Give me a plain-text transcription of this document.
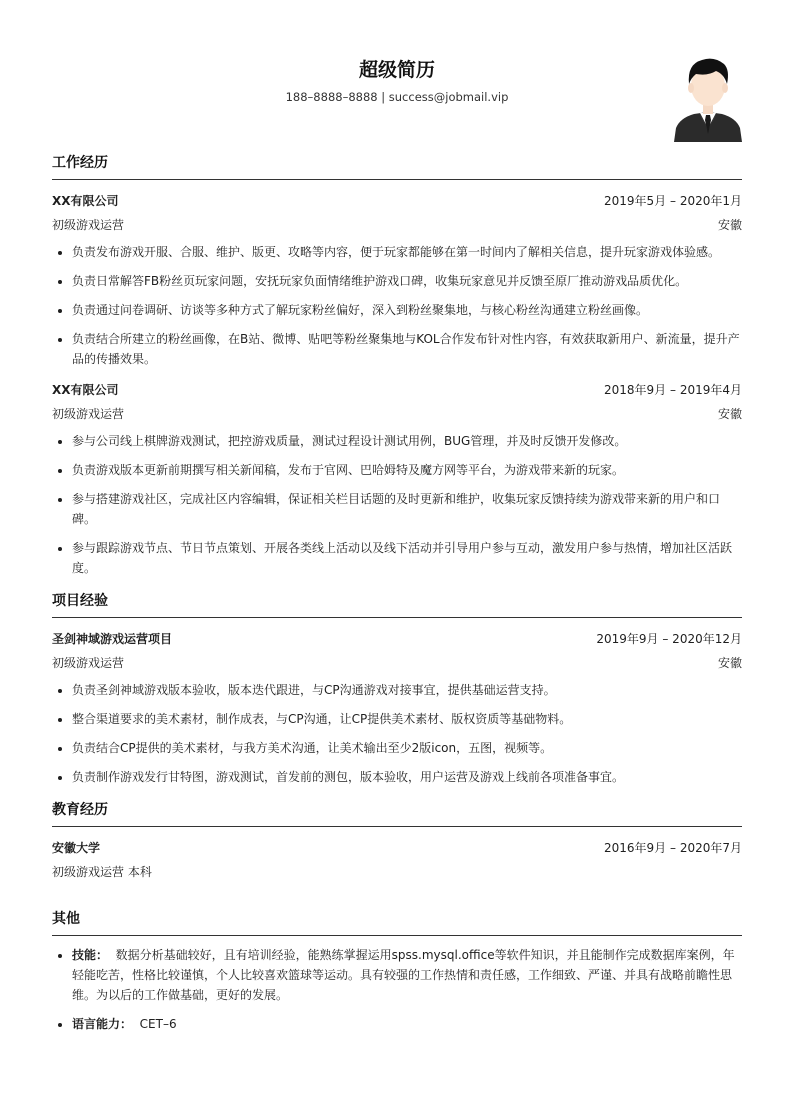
超级简历
188–8888–8888 | success@jobmail.vip
工作经历
XX有限公司	2019年5月 – 2020年1月
初级游戏运营	安徽
• 负责发布游戏开服、合服、维护、版更、攻略等内容，便于玩家都能够在第一时间内了解相关信息，提升玩家游戏体验感。
• 负责日常解答FB粉丝页玩家问题，安抚玩家负面情绪维护游戏口碑，收集玩家意见并反馈至原厂推动游戏品质优化。
• 负责通过问卷调研、访谈等多种方式了解玩家粉丝偏好，深入到粉丝聚集地，与核心粉丝沟通建立粉丝画像。
• 负责结合所建立的粉丝画像，在B站、微博、贴吧等粉丝聚集地与KOL合作发布针对性内容，有效获取新用户、新流量，提升产品的传播效果。
XX有限公司	2018年9月 – 2019年4月
初级游戏运营	安徽
• 参与公司线上棋牌游戏测试，把控游戏质量，测试过程设计测试用例，BUG管理，并及时反馈开发修改。
• 负责游戏版本更新前期撰写相关新闻稿，发布于官网、巴哈姆特及魔方网等平台，为游戏带来新的玩家。
• 参与搭建游戏社区，完成社区内容编辑，保证相关栏目话题的及时更新和维护，收集玩家反馈持续为游戏带来新的用户和口碑。
• 参与跟踪游戏节点、节日节点策划、开展各类线上活动以及线下活动并引导用户参与互动，激发用户参与热情，增加社区活跃度。
项目经验
圣剑神域游戏运营项目	2019年9月 – 2020年12月
初级游戏运营	安徽
• 负责圣剑神域游戏版本验收，版本迭代跟进，与CP沟通游戏对接事宜，提供基础运营支持。
• 整合渠道要求的美术素材，制作成表，与CP沟通，让CP提供美术素材、版权资质等基础物料。
• 负责结合CP提供的美术素材，与我方美术沟通，让美术输出至少2版icon，五图，视频等。
• 负责制作游戏发行甘特图，游戏测试，首发前的测包，版本验收，用户运营及游戏上线前各项准备事宜。
教育经历
安徽大学	2016年9月 – 2020年7月
初级游戏运营 本科
其他
• 技能： 数据分析基础较好，且有培训经验，能熟练掌握运用spss.mysql.office等软件知识，并且能制作完成数据库案例，年轻能吃苦，性格比较谨慎，个人比较喜欢篮球等运动。具有较强的工作热情和责任感，工作细致、严谨、并具有战略前瞻性思维。为以后的工作做基础，更好的发展。
• 语言能力： CET–6
